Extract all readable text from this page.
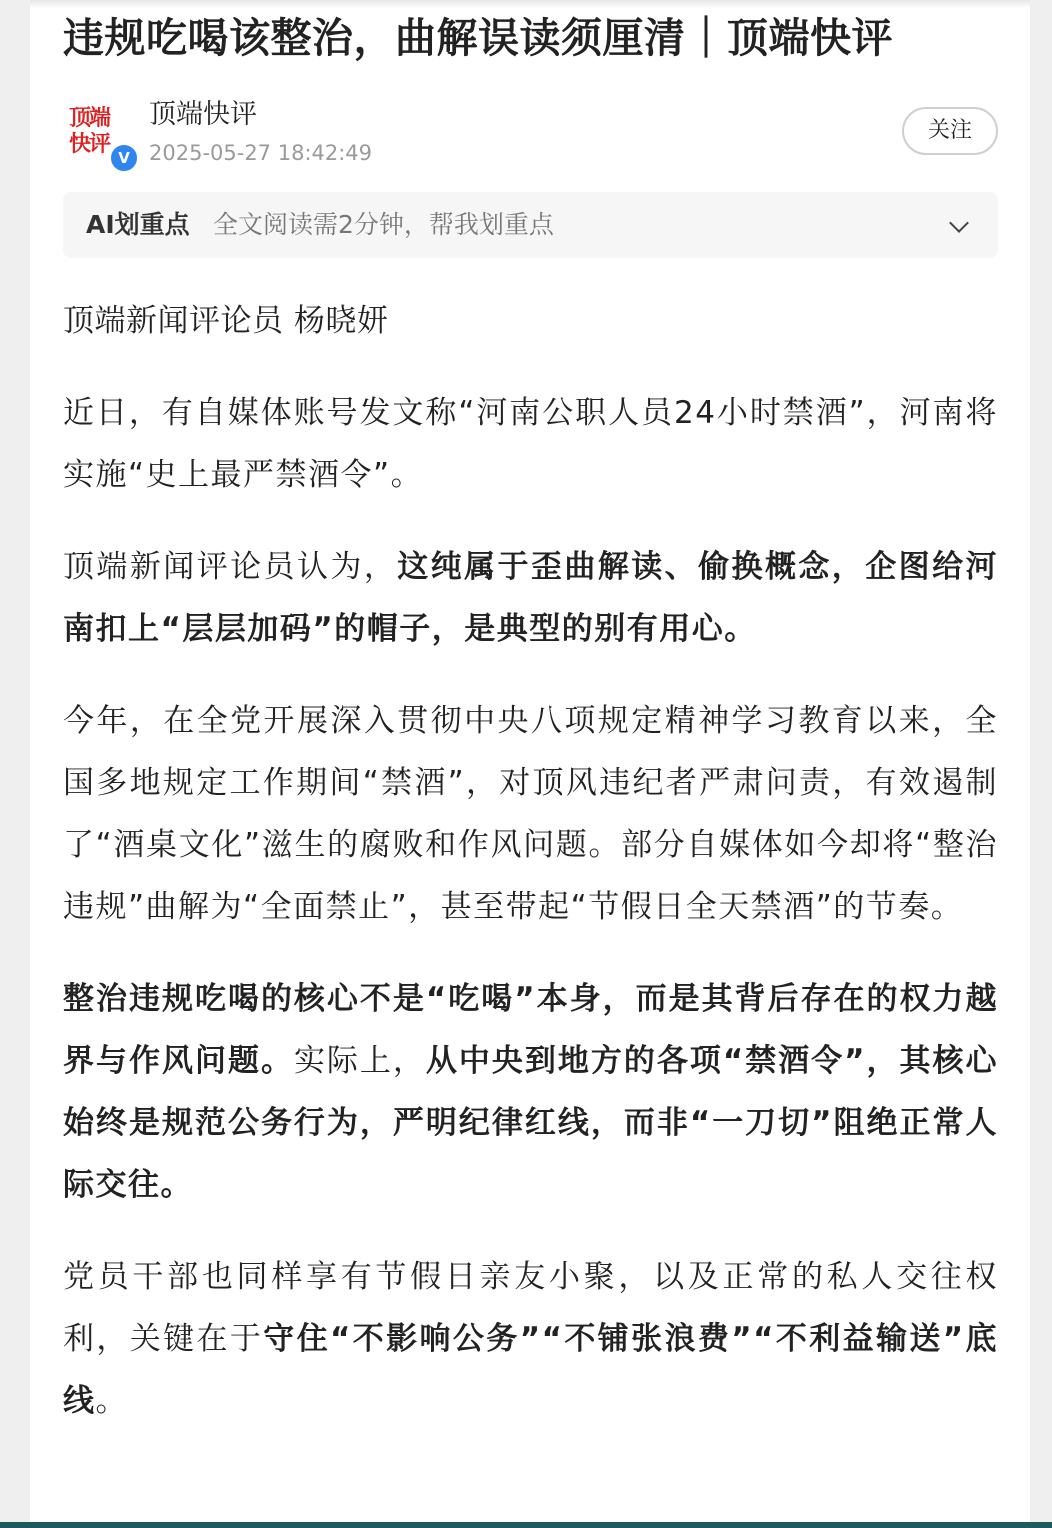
违规吃喝该整治，曲解误读须厘清｜顶端快评
顶端
快评
V
顶端快评
2025-05-27 18:42:49
关注
AI划重点 全文阅读需2分钟，帮我划重点

顶端新闻评论员 杨晓妍

近日，有自媒体账号发文称“河南公职人员24小时禁酒”，河南将实施“史上最严禁酒令”。

顶端新闻评论员认为，这纯属于歪曲解读、偷换概念，企图给河南扣上“层层加码”的帽子，是典型的别有用心。

今年，在全党开展深入贯彻中央八项规定精神学习教育以来，全国多地规定工作期间“禁酒”，对顶风违纪者严肃问责，有效遏制了“酒桌文化”滋生的腐败和作风问题。部分自媒体如今却将“整治违规”曲解为“全面禁止”，甚至带起“节假日全天禁酒”的节奏。

整治违规吃喝的核心不是“吃喝”本身，而是其背后存在的权力越界与作风问题。实际上，从中央到地方的各项“禁酒令”，其核心始终是规范公务行为，严明纪律红线，而非“一刀切”阻绝正常人际交往。

党员干部也同样享有节假日亲友小聚，以及正常的私人交往权利，关键在于守住“不影响公务”“不铺张浪费”“不利益输送”底线。
